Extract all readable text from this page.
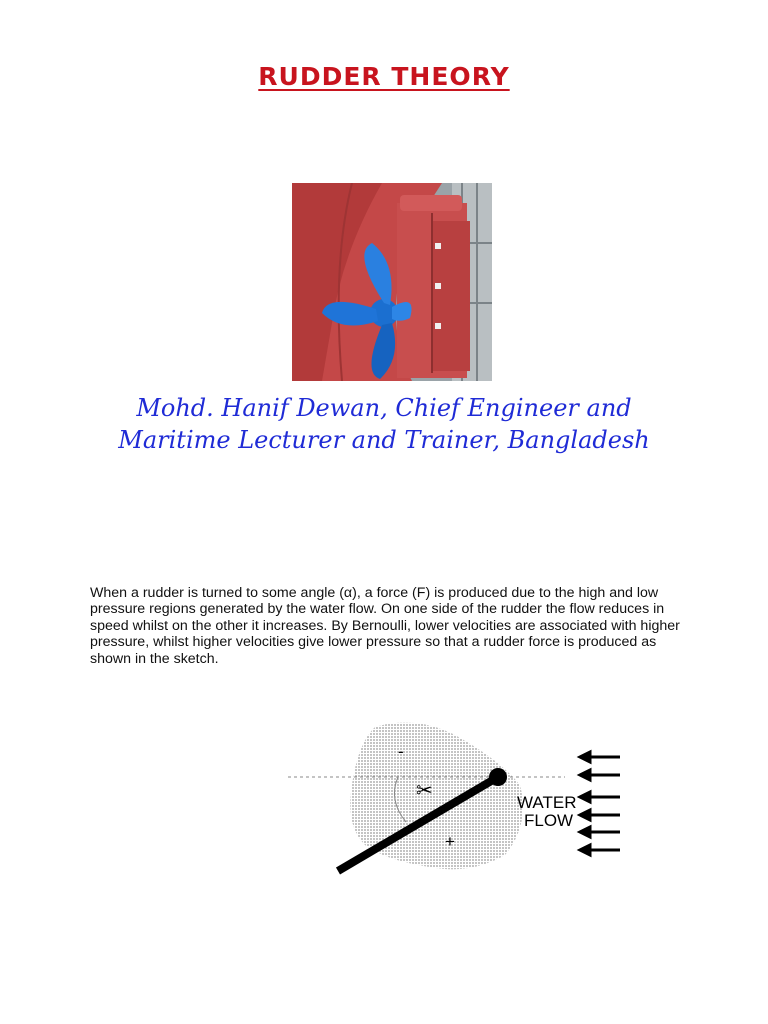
RUDDER THEORY
Mohd. Hanif Dewan, Chief Engineer and
Maritime Lecturer and Trainer, Bangladesh
When a rudder is turned to some angle (α), a force (F) is produced due to the high and low pressure regions generated by the water flow. On one side of the rudder the flow reduces in speed whilst on the other it increases. By Bernoulli, lower velocities are associated with higher pressure, whilst higher velocities give lower pressure so that a rudder force is produced as shown in the sketch.
✂
-
+
WATER
FLOW
